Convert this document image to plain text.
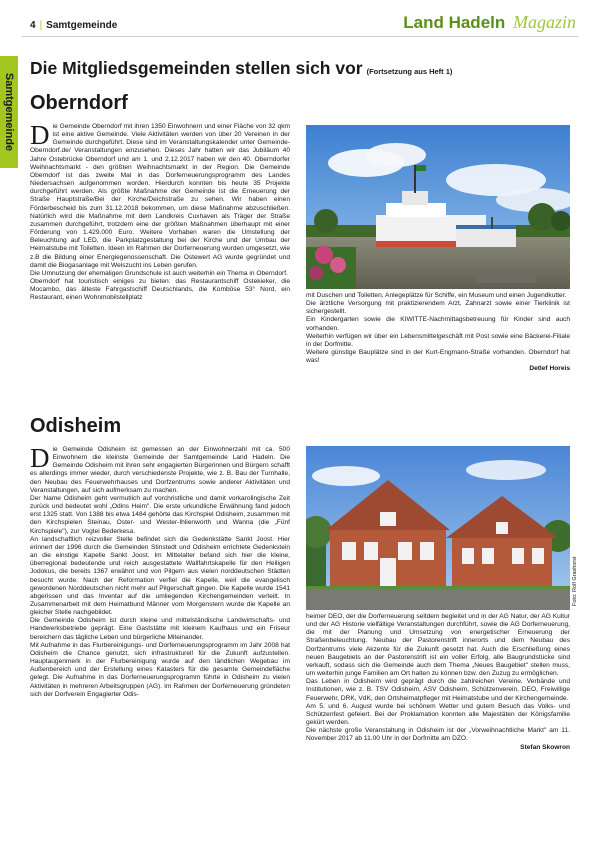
4 | Samtgemeinde	Land Hadeln Magazin
Samtgemeinde
Die Mitgliedsgemeinden stellen sich vor (Fortsetzung aus Heft 1)
Oberndorf

Die Gemeinde Oberndorf mit ihren 1350 Einwohnern und einer Fläche von 32 qkm ist eine aktive Gemeinde. Viele Aktivitäten werden von über 20 Vereinen in der Gemeinde durchgeführt. Diese sind im Veranstaltungskalender unter Gemeinde-Oberndorf.de/ Veranstaltungen einzusehen. Dieses Jahr hatten wir das Jubiläum 40 Jahre Ostebrücke Oberndorf und am 1. und 2.12.2017 haben wir den 40. Oberndorfer Weihnachtsmarkt - den größten Weihnachtsmarkt in der Region. Die Gemeinde Oberndorf ist das zweite Mal in das Dorferneuerungsprogramm des Landes Niedersachsen aufgenommen worden. Hierdurch konnten bis heute 35 Projekte durchgeführt werden. Als größte Maßnahme der Gemeinde ist die Erneuerung der Straße Hauptstraße/Bei der Kirche/Deichstraße zu sehen. Wir haben einen Förderbescheid bis zum 31.12.2018 bekommen, um diese Maßnahme abzuschließen. Natürlich wird die Maßnahme mit dem Landkreis Cuxhaven als Träger der Straße zusammen durchgeführt, trotzdem eine der größten Maßnahmen überhaupt mit einer Förderung von 1.429.000 Euro. Weitere Vorhaben waren die Umstellung der Beleuchtung auf LED, die Parkplatzgestaltung bei der Kirche und der Umbau der Heimatstube mit Toiletten. Ideen im Rahmen der Dorferneuerung wurden umgesetzt, wie z.B die Bildung einer Energiegenossenschaft. Die Ostewert AG wurde gegründet und damit die Biogasanlage mit Welszucht ins Leben gerufen.

Die Umnutzung der ehemaligen Grundschule ist auch weiterhin ein Thema in Oberndorf.

Oberndorf hat touristisch einiges zu bieten: das Restaurantschiff Ostekieker, die Mocambo, das älteste Fahrgastschiff Deutschlands, die Komböse 53° Nord, ein Restaurant, einen Wohnmobilstellplatz	mit Duschen und Toiletten, Anlegeplätze für Schiffe, ein Museum und einen Jugendkutter.

Die ärztliche Versorgung mit praktizierendem Arzt, Zahnarzt sowie einer Tierklinik ist sichergestellt.

Ein Kindergarten sowie die KIWITTE-Nachmittagsbetreuung für Kinder sind auch vorhanden.

Weiterhin verfügen wir über ein Lebensmittelgeschäft mit Post sowie eine Bäckerei-Filiale in der Dorfmitte.

Weitere günstige Bauplätze sind in der Kurt-Engmann-Straße vorhanden. Oberndorf hat was!

Detlef Horeis

Odisheim

Die Gemeinde Odisheim ist gemessen an der Einwohnerzahl mit ca. 500 Einwohnern die kleinste Gemeinde der Samtgemeinde Land Hadeln. Die Gemeinde Odisheim mit ihren sehr engagierten Bürgerinnen und Bürgern schafft es allerdings immer wieder, durch verschiedenste Projekte, wie z. B. Bau der Turnhalle, den Neubau des Feuerwehrhauses und Dorfzentrums sowie anderer Aktivitäten und Veranstaltungen, auf sich aufmerksam zu machen.

Der Name Odisheim geht vermutlich auf vorchristliche und damit vorkarolingische Zeit zurück und bedeutet wohl „Odins Heim". Die erste urkundliche Erwähnung fand jedoch erst 1325 statt. Von 1388 bis etwa 1484 gehörte das Kirchspiel Odisheim, zusammen mit den Kirchspielen Steinau, Oster- und Wester-Ihlienworth und Wanna (die „Fünf Kirchspiele"), zur Vogtei Bederkesa.

An landschaftlich reizvoller Stelle befindet sich die Gedenkstätte Sankt Joost. Hier erinnert der 1996 durch die Gemeinden Stinstedt und Odisheim errichtete Gedenkstein an die einstige Kapelle Sankt Joost. Im Mittelalter befand sich hier die kleine, überregional bedeutende und reich ausgestattete Wallfahrtskapelle für den Heiligen Jodokus, die bereits 1367 erwähnt und von Pilgern aus vielen norddeutschen Städten besucht wurde. Nach der Reformation verfiel die Kapelle, weil die evangelisch gewordenen Norddeutschen nicht mehr auf Pilgerschaft gingen. Die Kapelle wurde 1541 abgerissen und das Inventar auf die umliegenden Kirchengemeinden verteilt. In Zusammenarbeit mit dem Heimatbund Männer vom Morgenstern wurde die Kapelle an gleicher Stelle nachgebildet.

Die Gemeinde Odisheim ist durch kleine und mittelständische Landwirtschafts- und Handwerksbetriebe geprägt. Eine Gaststätte mit kleinem Kaufhaus und ein Friseur bereichern das tägliche Leben und bürgerliche Miteinander.

Mit Aufnahme in das Flurbereinigungs- und Dorferneuerungsprogramm im Jahr 2008 hat Odisheim die Chance genutzt, sich infrastrukturell für die Zukunft aufzustellen. Hauptaugenmerk in der Flurbereinigung wurde auf den ländlichen Wegebau im Außenbereich und der Erstellung eines Katasters für die gesamte Gemeindefläche gelegt. Die Aufnahme in das Dorferneuerungsprogramm führte in Odisheim zu vielen Aktivitäten in mehreren Arbeitsgruppen (AG). Im Rahmen der Dorferneuerung gründeten sich der Dorfverein Engagierter Odis-

Foto: Rolf Grashorst

heimer DEO, der die Dorferneuerung seitdem begleitet und in der AG Natur, der AG Kultur und der AG Historie vielfältige Veranstaltungen durchführt, sowie die AG Dorferneuerung, die mit der Planung und Umsetzung von energetischer Erneuerung der Straßenbeleuchtung, Neubau der Pastorenstrift innerorts und dem Neubau des Dorfzentrums viele Akzente für die Zukunft gesetzt hat. Auch die Erschließung eines neuen Baugebiets an der Pastorenstrift ist ein voller Erfolg, alle Baugrundstücke sind verkauft, sodass sich die Gemeinde auch dem Thema „Neues Baugebiet" stellen muss, um weiterhin junge Familien am Ort halten zu können bzw. den Zuzug zu ermöglichen.

Das Leben in Odisheim wird geprägt durch die zahlreichen Vereine, Verbände und Institutionen, wie z. B. TSV Odisheim, ASV Odisheim, Schützenverein, DEO, Freiwillige Feuerwehr, DRK, VdK, den Ortsheimatpfleger mit Heimatstube und der Kirchengemeinde.

Am 5. und 6. August wurde bei schönem Wetter und gutem Besuch das Volks- und Schützenfest gefeiert. Bei der Proklamation konnten alle Majestäten der Königsfamilie gekürt werden.

Die nächste große Veranstaltung in Odisheim ist der „Vorweihnachtliche Markt" am 11. November 2017 ab 11.00 Uhr in der Dorfmitte am DZO.

Stefan Skowron
